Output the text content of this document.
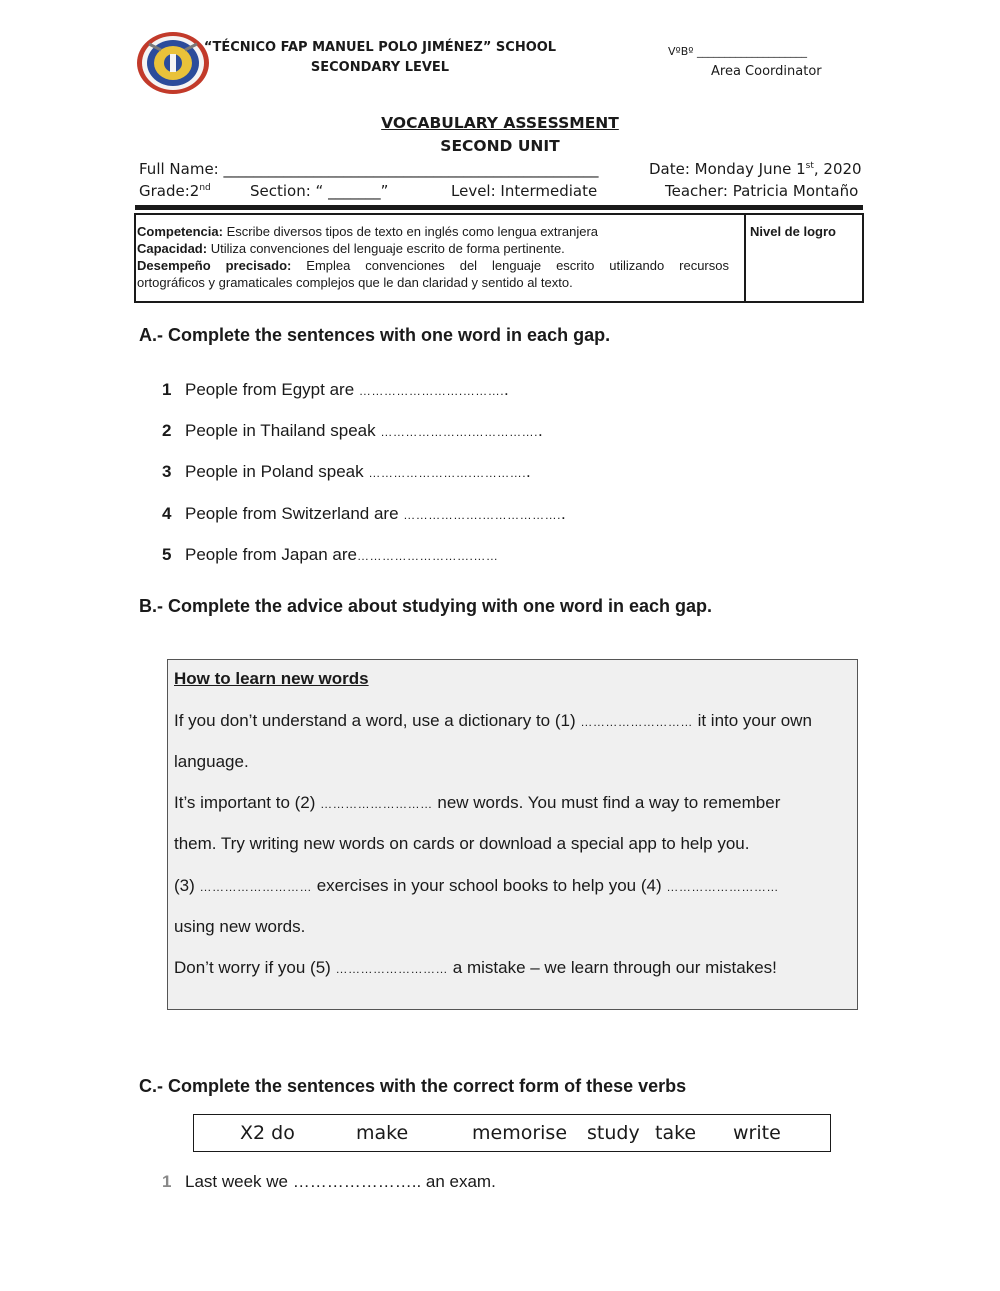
“TÉCNICO FAP MANUEL POLO JIMÉNEZ” SCHOOL
SECONDARY LEVEL
VºBº ____________________
Area Coordinator
VOCABULARY ASSESSMENT
SECOND UNIT
Full Name: __________________________________________________	Date: Monday June 1st, 2020
Grade:2nd	Section: “ _______”	Level: Intermediate	Teacher: Patricia Montaño
Competencia: Escribe diversos tipos de texto en inglés como lengua extranjera
Capacidad: Utiliza convenciones del lenguaje escrito de forma pertinente.
Desempeño precisado: Emplea convenciones del lenguaje escrito utilizando recursos
ortográficos y gramaticales complejos que le dan claridad y sentido al texto.
Nivel de logro
A.- Complete the sentences with one word in each gap.
1 People from Egypt are …………………….………..
2 People in Thailand speak ………………….……………..
3 People in Poland speak …………………….…………..
4 People from Switzerland are ……………….………………..
5 People from Japan are……………………….……
B.- Complete the advice about studying with one word in each gap.
How to learn new words
If you don’t understand a word, use a dictionary to (1) ……………………… it into your own
language.
It’s important to (2) ……………………… new words. You must find a way to remember
them. Try writing new words on cards or download a special app to help you.
(3) ……………………… exercises in your school books to help you (4) ………………………
using new words.
Don’t worry if you (5) ……………………… a mistake – we learn through our mistakes!
C.- Complete the sentences with the correct form of these verbs
X2 do	make	memorise study take write
1 Last week we ………………….. an exam.
